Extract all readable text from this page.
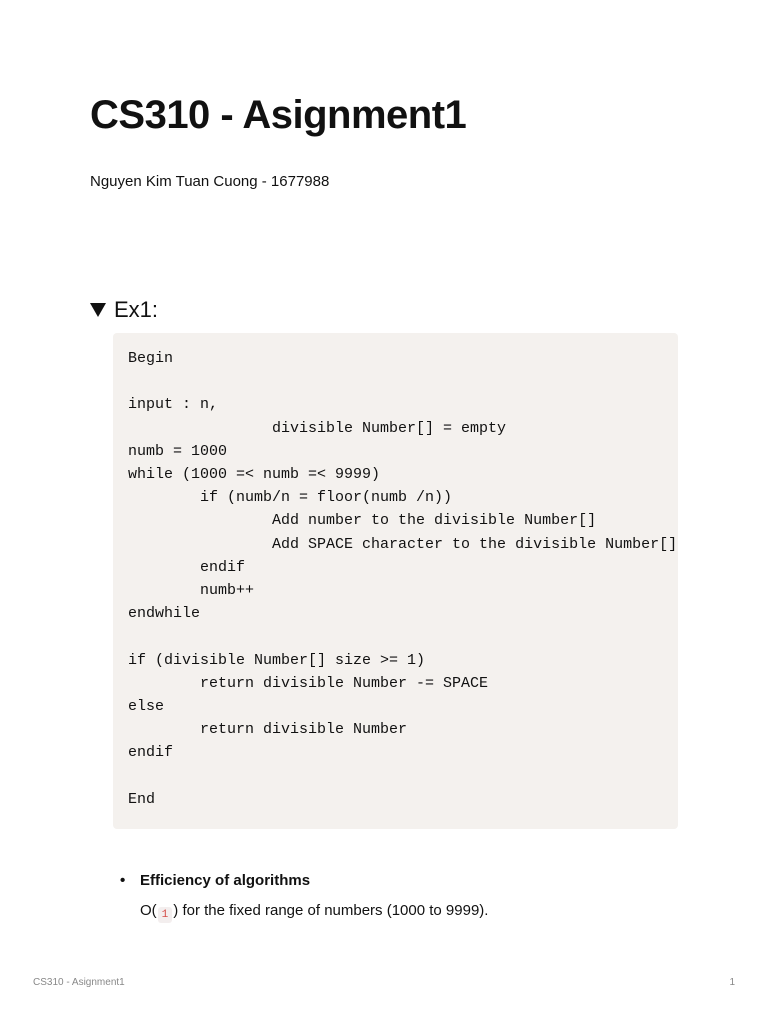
CS310 - Asignment1

Nguyen Kim Tuan Cuong - 1677988

Ex1:
Begin

input : n,
divisible Number[] = empty
numb = 1000
while (1000 =< numb =< 9999)
if (numb/n = floor(numb /n))
Add number to the divisible Number[]
Add SPACE character to the divisible Number[]
endif
numb++
endwhile

if (divisible Number[] size >= 1)
return divisible Number -= SPACE
else
return divisible Number
endif

End
• Efficiency of algorithms
O( 1 ) for the fixed range of numbers (1000 to 9999).
CS310 - Asignment1	1
